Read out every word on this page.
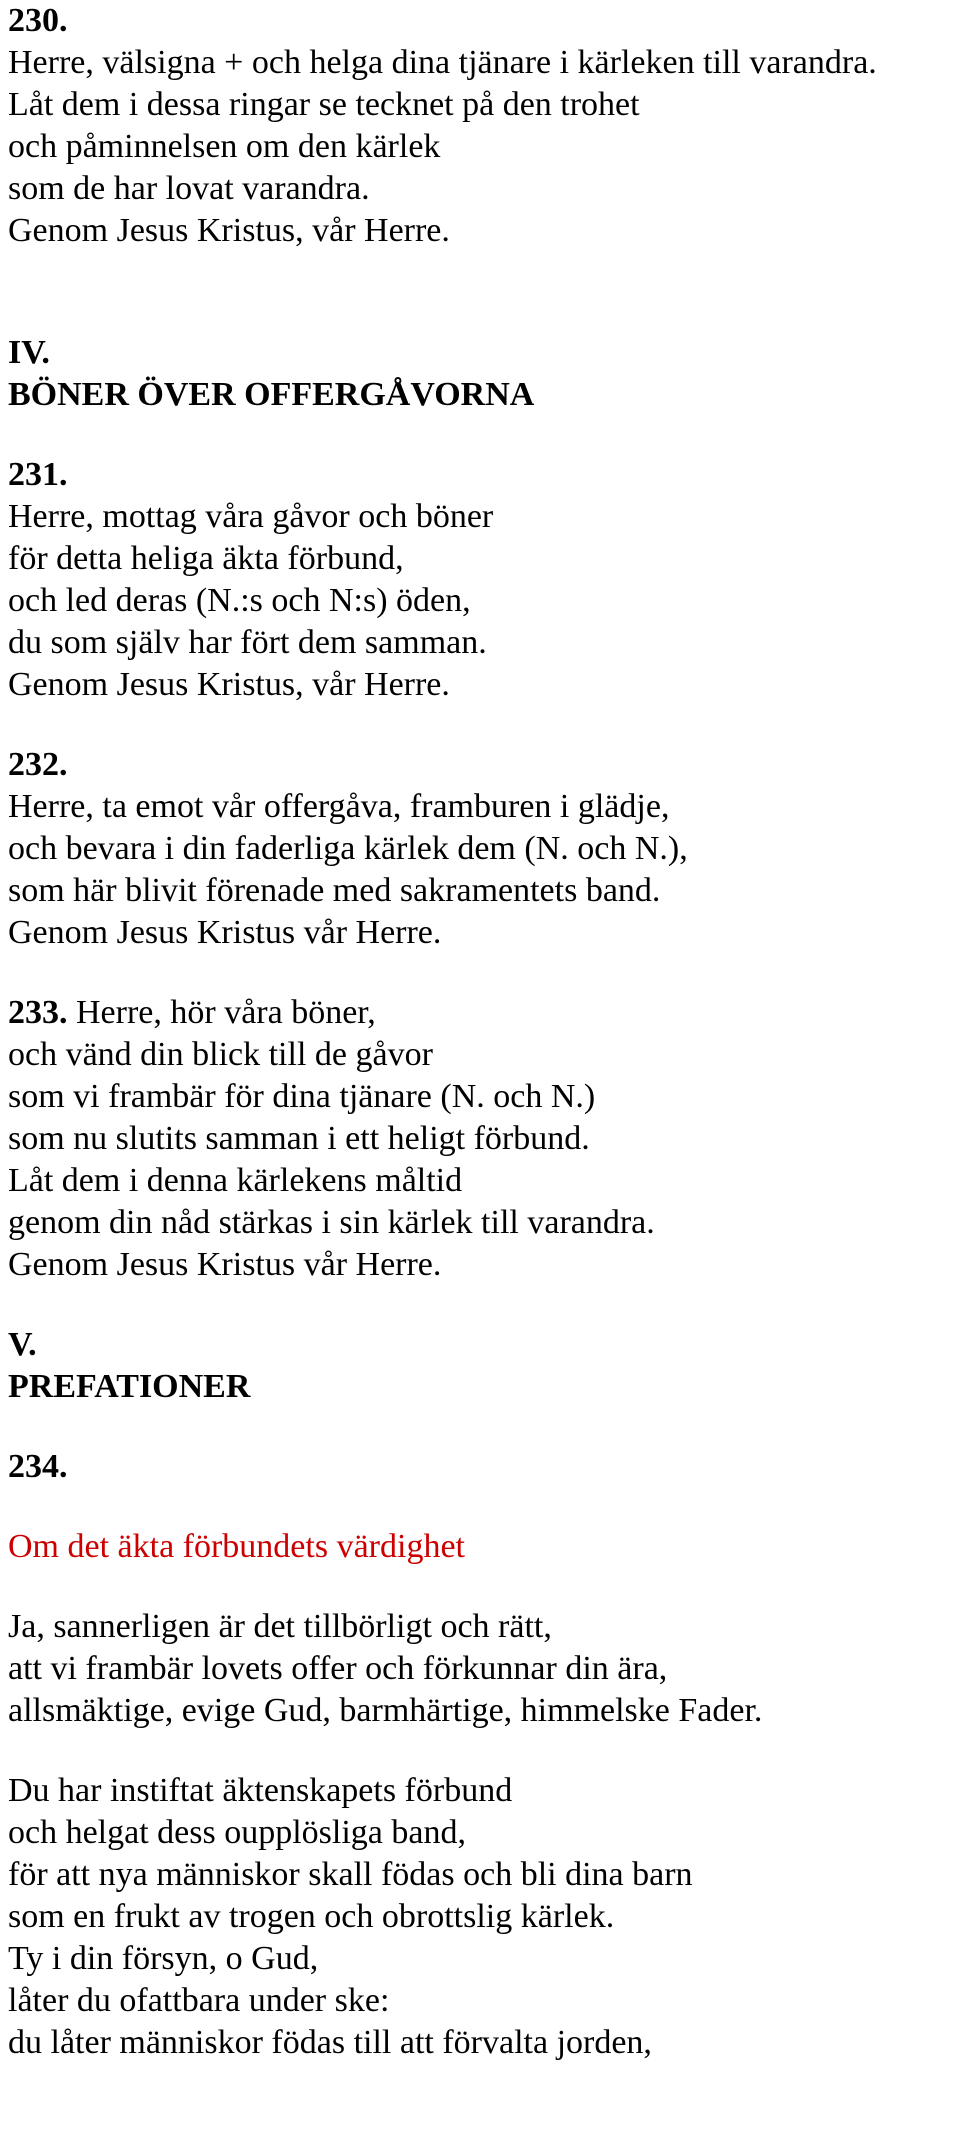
230.
Herre, välsigna + och helga dina tjänare i kärleken till varandra.
Låt dem i dessa ringar se tecknet på den trohet
och påminnelsen om den kärlek
som de har lovat varandra.
Genom Jesus Kristus, vår Herre.
IV.
BÖNER ÖVER OFFERGÅVORNA
231.
Herre, mottag våra gåvor och böner
för detta heliga äkta förbund,
och led deras (N.:s och N:s) öden,
du som själv har fört dem samman.
Genom Jesus Kristus, vår Herre.
232.
Herre, ta emot vår offergåva, framburen i glädje,
och bevara i din faderliga kärlek dem (N. och N.),
som här blivit förenade med sakramentets band.
Genom Jesus Kristus vår Herre.
233. Herre, hör våra böner,
och vänd din blick till de gåvor
som vi frambär för dina tjänare (N. och N.)
som nu slutits samman i ett heligt förbund.
Låt dem i denna kärlekens måltid
genom din nåd stärkas i sin kärlek till varandra.
Genom Jesus Kristus vår Herre.
V.
PREFATIONER
234.
Om det äkta förbundets värdighet
Ja, sannerligen är det tillbörligt och rätt,
att vi frambär lovets offer och förkunnar din ära,
allsmäktige, evige Gud, barmhärtige, himmelske Fader.
Du har instiftat äktenskapets förbund
och helgat dess oupplösliga band,
för att nya människor skall födas och bli dina barn
som en frukt av trogen och obrottslig kärlek.
Ty i din försyn, o Gud,
låter du ofattbara under ske:
du låter människor födas till att förvalta jorden,
